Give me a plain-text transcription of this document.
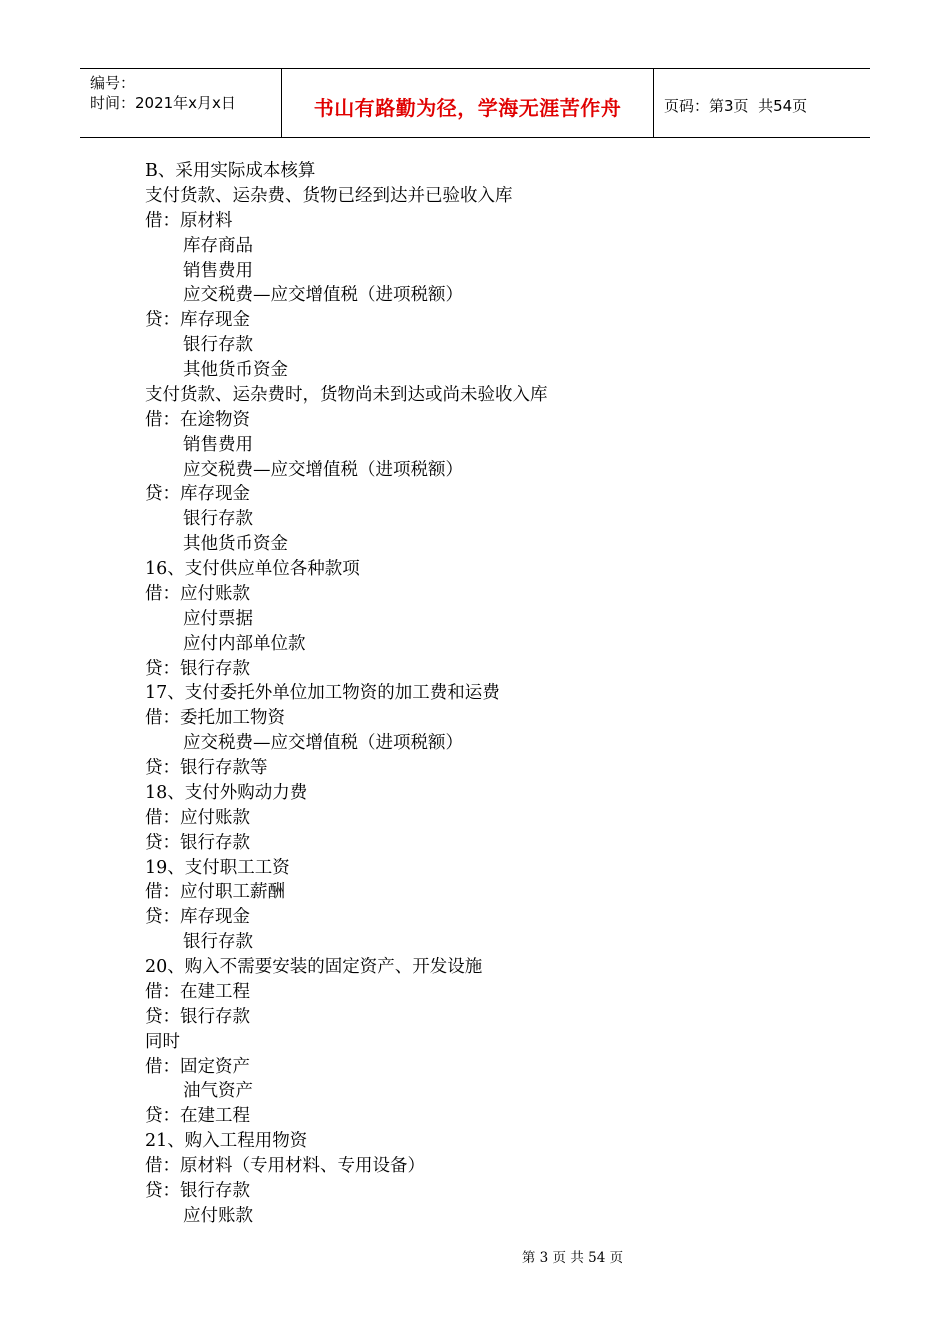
编号：
时间：2021年x月x日	书山有路勤为径，学海无涯苦作舟	页码：第3页  共54页
B、采用实际成本核算
支付货款、运杂费、货物已经到达并已验收入库
借：原材料
库存商品
销售费用
应交税费—应交增值税（进项税额）
贷：库存现金
银行存款
其他货币资金
支付货款、运杂费时，货物尚未到达或尚未验收入库
借：在途物资
销售费用
应交税费—应交增值税（进项税额）
贷：库存现金
银行存款
其他货币资金
16、支付供应单位各种款项
借：应付账款
应付票据
应付内部单位款
贷：银行存款
17、支付委托外单位加工物资的加工费和运费
借：委托加工物资
应交税费—应交增值税（进项税额）
贷：银行存款等
18、支付外购动力费
借：应付账款
贷：银行存款
19、支付职工工资
借：应付职工薪酬
贷：库存现金
银行存款
20、购入不需要安装的固定资产、开发设施
借：在建工程
贷：银行存款
同时
借：固定资产
油气资产
贷：在建工程
21、购入工程用物资
借：原材料（专用材料、专用设备）
贷：银行存款
应付账款
第 3 页 共 54 页
